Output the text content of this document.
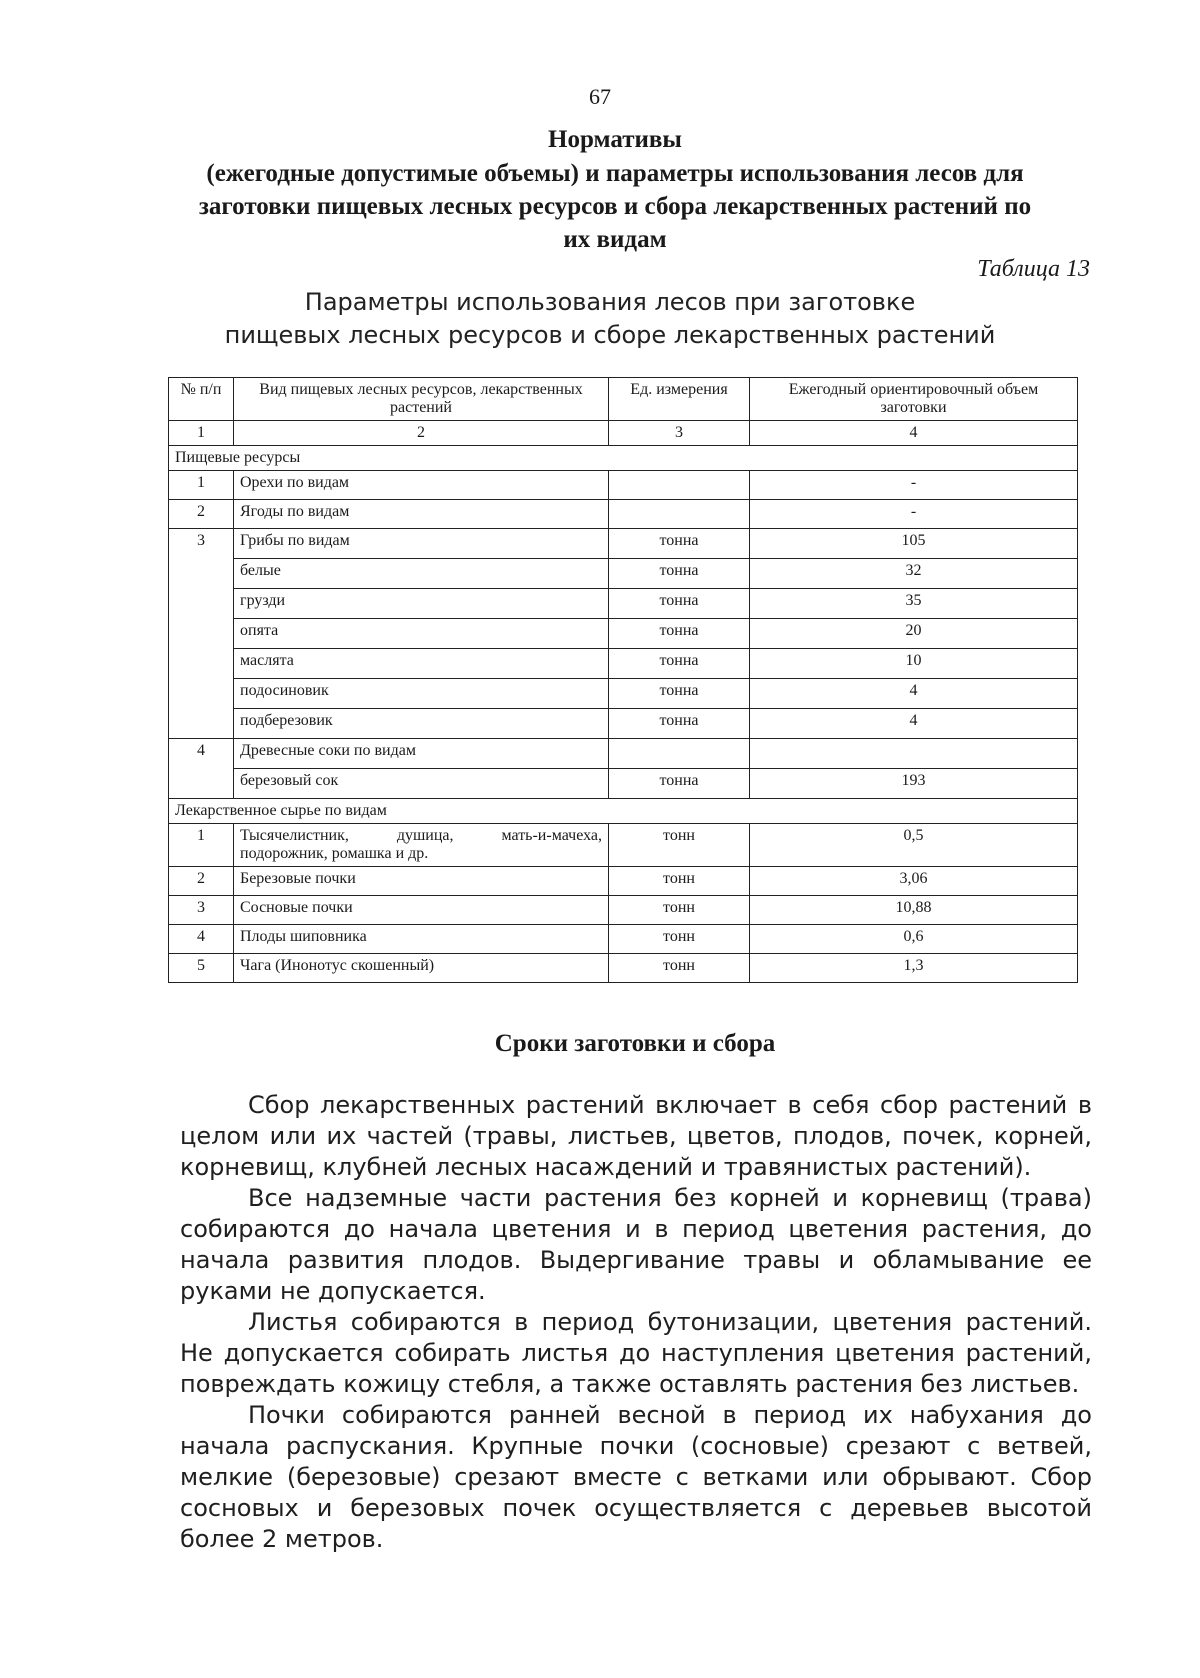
67
Нормативы
(ежегодные допустимые объемы) и параметры использования лесов для
заготовки пищевых лесных ресурсов и сбора лекарственных растений по
их видам
Таблица 13
Параметры использования лесов при заготовке
пищевых лесных ресурсов и сборе лекарственных растений
№ п/п	Вид пищевых лесных ресурсов, лекарственных растений	Ед. измерения	Ежегодный ориентировочный объем заготовки
1	2	3	4
Пищевые ресурсы			
1	Орехи по видам		-
2	Ягоды по видам		-
3	Грибы по видам	тонна	105
	белые	тонна	32
	грузди	тонна	35
	опята	тонна	20
	маслята	тонна	10
	подосиновик	тонна	4
	подберезовик	тонна	4
4	Древесные соки по видам		
	березовый сок	тонна	193
Лекарственное сырье по видам			
1	Тысячелистник, душица, мать-и-мачеха, подорожник, ромашка и др.	тонн	0,5
2	Березовые почки	тонн	3,06
3	Сосновые почки	тонн	10,88
4	Плоды шиповника	тонн	0,6
5	Чага (Инонотус скошенный)	тонн	1,3
Сроки заготовки и сбора

Сбор лекарственных растений включает в себя сбор растений в целом или их частей (травы, листьев, цветов, плодов, почек, корней, корневищ, клубней лесных насаждений и травянистых растений).

Все надземные части растения без корней и корневищ (трава) собираются до начала цветения и в период цветения растения, до начала развития плодов. Выдергивание травы и обламывание ее руками не допускается.

Листья собираются в период бутонизации, цветения растений. Не допускается собирать листья до наступления цветения растений, повреждать кожицу стебля, а также оставлять растения без листьев.

Почки собираются ранней весной в период их набухания до начала распускания. Крупные почки (сосновые) срезают с ветвей, мелкие (березовые) срезают вместе с ветками или обрывают. Сбор сосновых и березовых почек осуществляется с деревьев высотой более 2 метров.
